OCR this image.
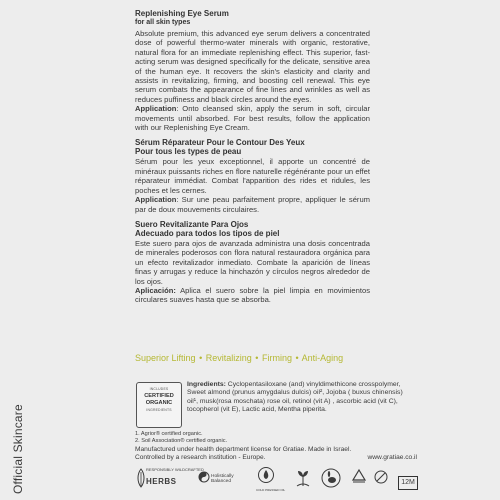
Official Skincare
Replenishing Eye Serum
for all skin types

Absolute premium, this advanced eye serum delivers a concentrated dose of powerful thermo-water minerals with organic, restorative, natural flora for an immediate replenishing effect. This superior, fast-acting serum was designed specifically for the delicate, sensitive area of the human eye. It recovers the skin's elasticity and clarity and assists in revitalizing, firming, and boosting cell renewal. This eye serum combats the appearance of fine lines and wrinkles as well as reduces puffiness and black circles around the eyes.

Application: Onto cleansed skin, apply the serum in soft, circular movements until absorbed. For best results, follow the application with our Replenishing Eye Cream.

Sérum Réparateur Pour le Contour Des Yeux
Pour tous les types de peau

Sérum pour les yeux exceptionnel, il apporte un concentré de minéraux puissants riches en flore naturelle régénérante pour un effet réparateur immédiat. Combat l'apparition des rides et ridules, les poches et les cernes.

Application: Sur une peau parfaitement propre, appliquer le sérum par de doux mouvements circulaires.

Suero Revitalizante Para Ojos
Adecuado para todos los tipos de piel

Este suero para ojos de avanzada administra una dosis concentrada de minerales poderosos con flora natural restauradora orgánica para un efecto revitalizador inmediato. Combate la aparición de líneas finas y arrugas y reduce la hinchazón y círculos negros alrededor de los ojos.

Aplicación: Aplica el suero sobre la piel limpia en movimientos circulares suaves hasta que se absorba.

Superior Lifting • Revitalizing • Firming • Anti-Aging
INCLUDES
CERTIFIED
ORGANIC
INGREDIENTS
Ingredients: Cyclopentasiloxane (and) vinyldimethicone crosspolymer, Sweet almond (prunus amygdalus dulcis) oil², Jojoba ( buxus chinensis) oil¹, musk(rosa moschata) rose oil, retinol (vit A) , ascorbic acid (vit C), tocopherol (vit E), Lactic acid, Mentha piperita.
1. Agrior® certified organic.
2. Soil Association® certified organic.
Manufactured under health department license for Gratiae. Made in Israel.
Controlled by a research institution - Europe.	www.gratiae.co.il
RESPONSIBLY WILDCRAFTED
HERBS
Holistically
Balanced
COLD PRESSED OIL
12M
